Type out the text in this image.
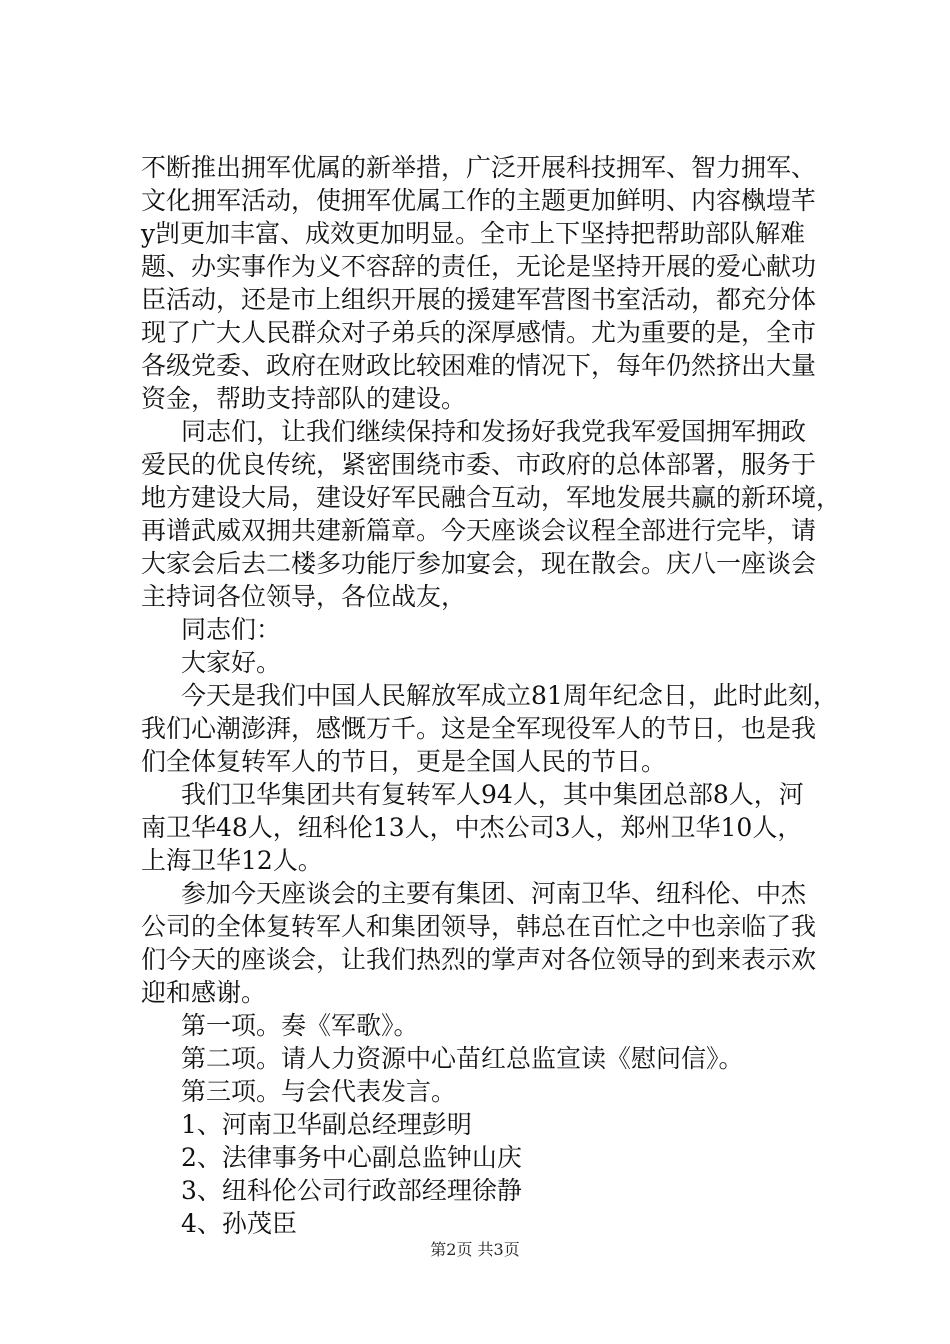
不断推出拥军优属的新举措，广泛开展科技拥军、智力拥军、
文化拥军活动，使拥军优属工作的主题更加鲜明、内容槸塏芊
y剀更加丰富、成效更加明显。全市上下坚持把帮助部队解难
题、办实事作为义不容辞的责任，无论是坚持开展的爱心献功
臣活动，还是市上组织开展的援建军营图书室活动，都充分体
现了广大人民群众对子弟兵的深厚感情。尤为重要的是，全市
各级党委、政府在财政比较困难的情况下，每年仍然挤出大量
资金，帮助支持部队的建设。
同志们，让我们继续保持和发扬好我党我军爱国拥军拥政
爱民的优良传统，紧密围绕市委、市政府的总体部署，服务于
地方建设大局，建设好军民融合互动，军地发展共赢的新环境，
再谱武威双拥共建新篇章。今天座谈会议程全部进行完毕，请
大家会后去二楼多功能厅参加宴会，现在散会。庆八一座谈会
主持词各位领导，各位战友，
同志们：
大家好。
今天是我们中国人民解放军成立81周年纪念日，此时此刻，
我们心潮澎湃，感慨万千。这是全军现役军人的节日，也是我
们全体复转军人的节日，更是全国人民的节日。
我们卫华集团共有复转军人94人，其中集团总部8人，河
南卫华48人，纽科伦13人，中杰公司3人，郑州卫华10人，
上海卫华12人。
参加今天座谈会的主要有集团、河南卫华、纽科伦、中杰
公司的全体复转军人和集团领导，韩总在百忙之中也亲临了我
们今天的座谈会，让我们热烈的掌声对各位领导的到来表示欢
迎和感谢。
第一项。奏《军歌》。
第二项。请人力资源中心苗红总监宣读《慰问信》。
第三项。与会代表发言。
1、河南卫华副总经理彭明
2、法律事务中心副总监钟山庆
3、纽科伦公司行政部经理徐静
4、孙茂臣
第2页 共3页
